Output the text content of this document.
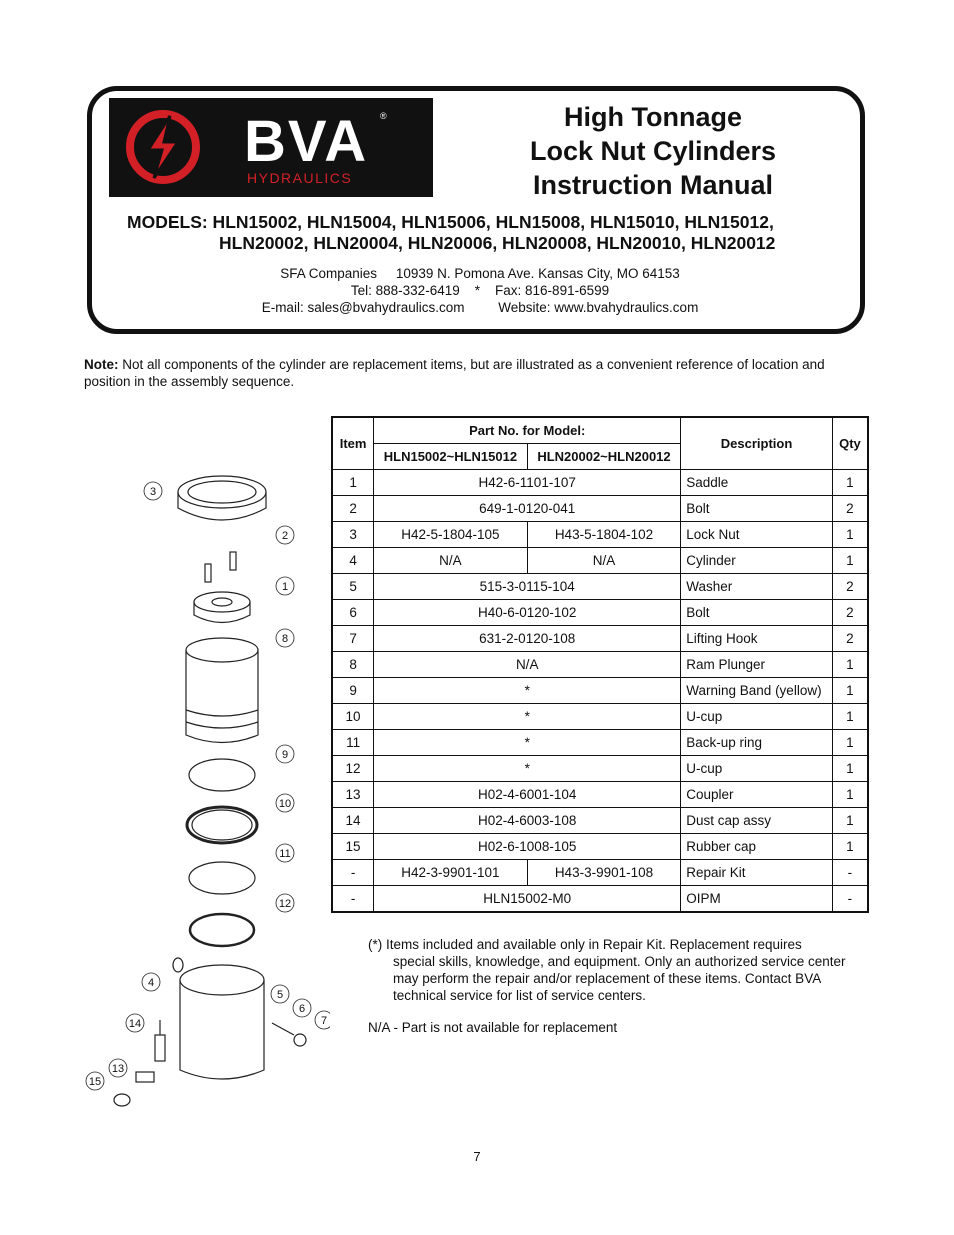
BVA ®
HYDRAULICS
High Tonnage
Lock Nut Cylinders
Instruction Manual
MODELS: HLN15002, HLN15004, HLN15006, HLN15008, HLN15010, HLN15012,
HLN20002, HLN20004, HLN20006, HLN20008, HLN20010, HLN20012
SFA Companies 10939 N. Pomona Ave. Kansas City, MO 64153
Tel: 888-332-6419 * Fax: 816-891-6599
E-mail: sales@bvahydraulics.com	Website: www.bvahydraulics.com
Note: Not all components of the cylinder are replacement items, but are illustrated as a convenient reference of location and position in the assembly sequence.
3
2
1
8
9
10
11
12
4
5
6
7
14
13
15
Item	Part No. for Model:		Description	Qty
	HLN15002~HLN15012	HLN20002~HLN20012		
1	H42-6-1101-107		Saddle	1
2	649-1-0120-041		Bolt	2
3	H42-5-1804-105	H43-5-1804-102	Lock Nut	1
4	N/A	N/A	Cylinder	1
5	515-3-0115-104		Washer	2
6	H40-6-0120-102		Bolt	2
7	631-2-0120-108		Lifting Hook	2
8	N/A		Ram Plunger	1
9	*		Warning Band (yellow)	1
10	*		U-cup	1
11	*		Back-up ring	1
12	*		U-cup	1
13	H02-4-6001-104		Coupler	1
14	H02-4-6003-108		Dust cap assy	1
15	H02-6-1008-105		Rubber cap	1
-	H42-3-9901-101	H43-3-9901-108	Repair Kit	-
-	HLN15002-M0		OIPM	-
(*) Items included and available only in Repair Kit. Replacement requires
special skills, knowledge, and equipment. Only an authorized service center
may perform the repair and/or replacement of these items. Contact BVA
technical service for list of service centers.
N/A - Part is not available for replacement
7
